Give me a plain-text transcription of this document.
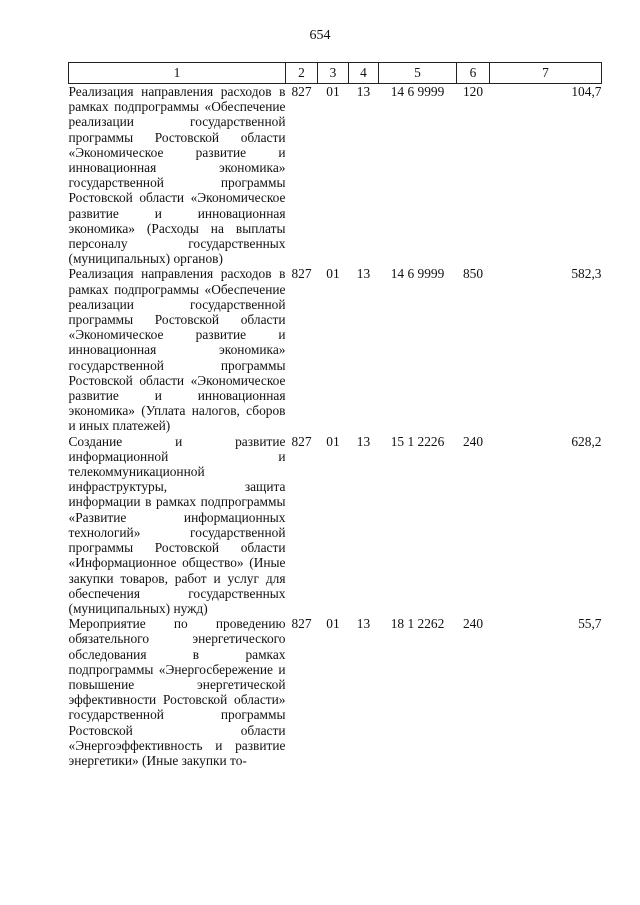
654
1	2	3	4	5	6	7
Реализация направления расходов в рамках подпрограммы «Обеспечение реализации государственной программы Ростовской области «Экономическое развитие и инновационная экономика» государственной программы Ростовской области «Экономическое развитие и инновационная экономика» (Расходы на выплаты персоналу государственных (муниципальных) органов)	827	01	13	14 6 9999	120	104,7
Реализация направления расходов в рамках подпрограммы «Обеспечение реализации государственной программы Ростовской области «Экономическое развитие и инновационная экономика» государственной программы Ростовской области «Экономическое развитие и инновационная экономика» (Уплата налогов, сборов и иных платежей)	827	01	13	14 6 9999	850	582,3
Создание и развитие информационной и телекоммуникационной инфраструктуры, защита информации в рамках подпрограммы «Развитие информационных технологий» государственной программы Ростовской области «Информационное общество» (Иные закупки товаров, работ и услуг для обеспечения государственных (муниципальных) нужд)	827	01	13	15 1 2226	240	628,2
Мероприятие по проведению обязательного энергетического обследования в рамках подпрограммы «Энергосбережение и повышение энергетической эффективности Ростовской области» государственной программы Ростовской области «Энергоэффективность и развитие энергетики» (Иные закупки то-	827	01	13	18 1 2262	240	55,7
